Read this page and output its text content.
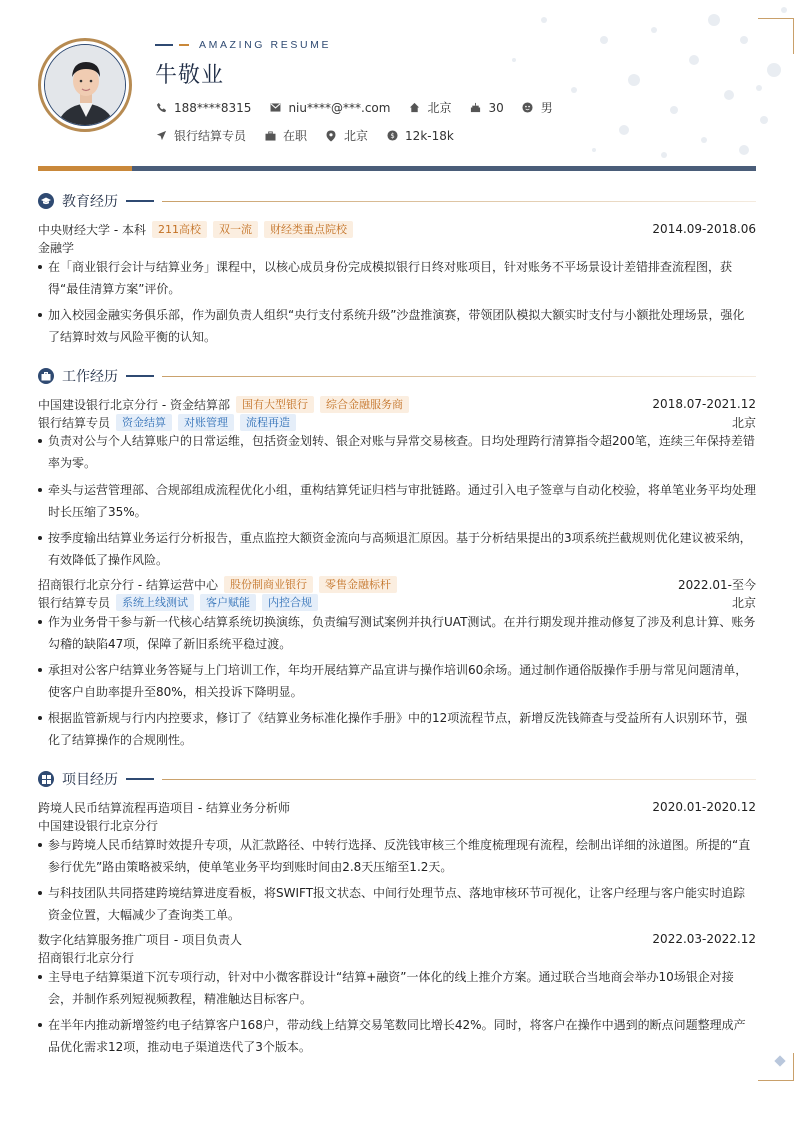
AMAZING RESUME
牛敬业
188****8315	niu****@***.com	北京	30	男
银行结算专员	在职	北京	$ 12k-18k
教育经历
中央财经大学 - 本科	211高校	双一流	财经类重点院校	2014.09-2018.06
金融学
在「商业银行会计与结算业务」课程中，以核心成员身份完成模拟银行日终对账项目，针对账务不平场景设计差错排查流程图，获得“最佳清算方案”评价。
加入校园金融实务俱乐部，作为副负责人组织“央行支付系统升级”沙盘推演赛，带领团队模拟大额实时支付与小额批处理场景，强化了结算时效与风险平衡的认知。
工作经历
中国建设银行北京分行 - 资金结算部	国有大型银行	综合金融服务商	2018.07-2021.12
银行结算专员	资金结算	对账管理	流程再造	北京
负责对公与个人结算账户的日常运维，包括资金划转、银企对账与异常交易核查。日均处理跨行清算指令超200笔，连续三年保持差错率为零。
牵头与运营管理部、合规部组成流程优化小组，重构结算凭证归档与审批链路。通过引入电子签章与自动化校验，将单笔业务平均处理时长压缩了35%。
按季度输出结算业务运行分析报告，重点监控大额资金流向与高频退汇原因。基于分析结果提出的3项系统拦截规则优化建议被采纳，有效降低了操作风险。
招商银行北京分行 - 结算运营中心	股份制商业银行	零售金融标杆	2022.01-至今
银行结算专员	系统上线测试	客户赋能	内控合规	北京
作为业务骨干参与新一代核心结算系统切换演练，负责编写测试案例并执行UAT测试。在并行期发现并推动修复了涉及利息计算、账务勾稽的缺陷47项，保障了新旧系统平稳过渡。
承担对公客户结算业务答疑与上门培训工作，年均开展结算产品宣讲与操作培训60余场。通过制作通俗版操作手册与常见问题清单，使客户自助率提升至80%，相关投诉下降明显。
根据监管新规与行内内控要求，修订了《结算业务标准化操作手册》中的12项流程节点，新增反洗钱筛查与受益所有人识别环节，强化了结算操作的合规刚性。
项目经历
跨境人民币结算流程再造项目 - 结算业务分析师	2020.01-2020.12
中国建设银行北京分行
参与跨境人民币结算时效提升专项，从汇款路径、中转行选择、反洗钱审核三个维度梳理现有流程，绘制出详细的泳道图。所提的“直参行优先”路由策略被采纳，使单笔业务平均到账时间由2.8天压缩至1.2天。
与科技团队共同搭建跨境结算进度看板，将SWIFT报文状态、中间行处理节点、落地审核环节可视化，让客户经理与客户能实时追踪资金位置，大幅减少了查询类工单。
数字化结算服务推广项目 - 项目负责人	2022.03-2022.12
招商银行北京分行
主导电子结算渠道下沉专项行动，针对中小微客群设计“结算+融资”一体化的线上推介方案。通过联合当地商会举办10场银企对接会，并制作系列短视频教程，精准触达目标客户。
在半年内推动新增签约电子结算客户168户，带动线上结算交易笔数同比增长42%。同时，将客户在操作中遇到的断点问题整理成产品优化需求12项，推动电子渠道迭代了3个版本。
